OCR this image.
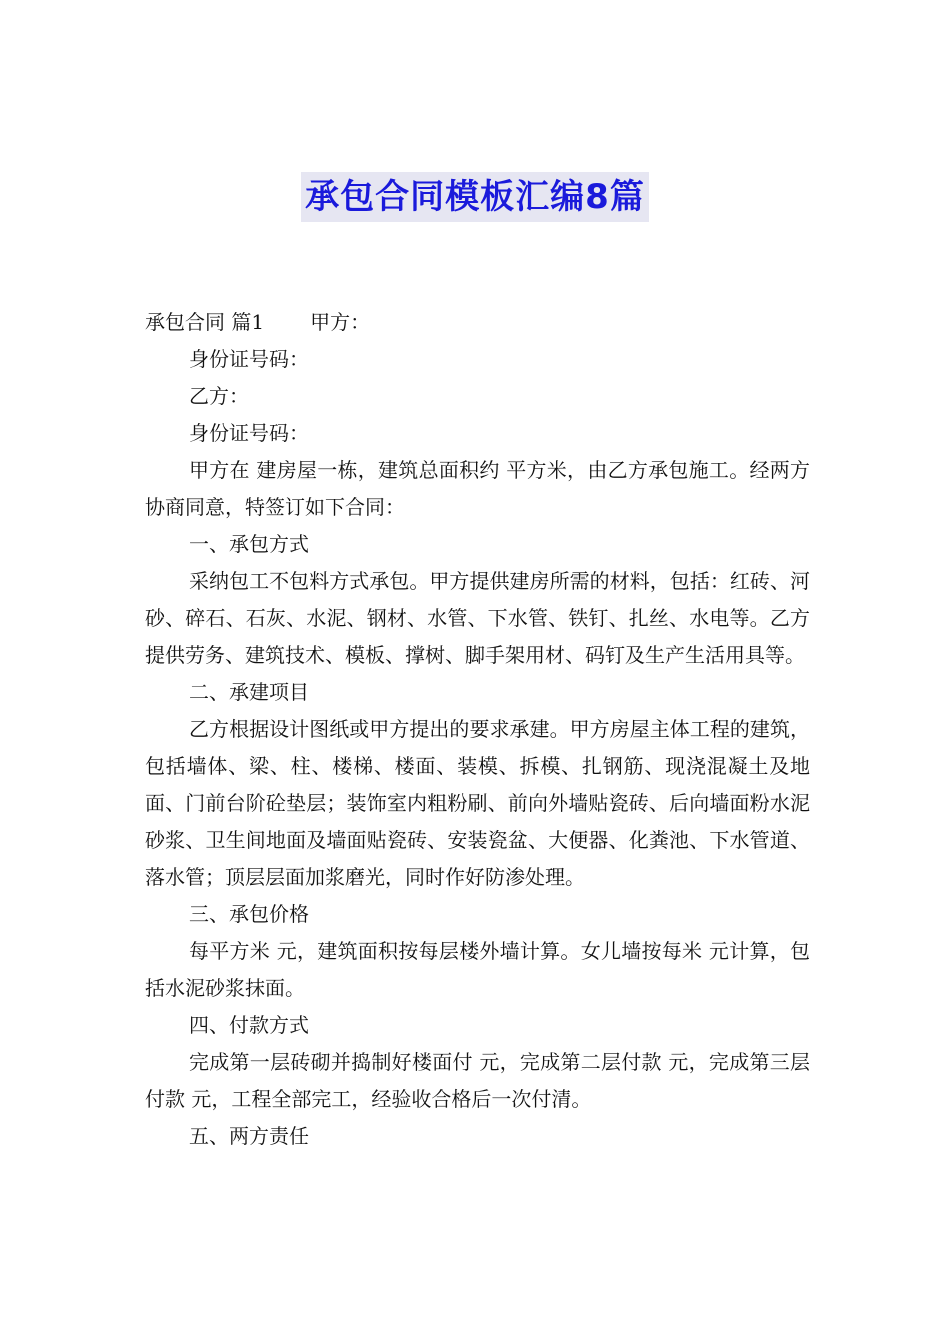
承包合同模板汇编8篇

承包合同 篇1 甲方：

身份证号码：

乙方：

身份证号码：

甲方在 建房屋一栋，建筑总面积约 平方米，由乙方承包施工。经两方协商同意，特签订如下合同：

一、承包方式

采纳包工不包料方式承包。甲方提供建房所需的材料，包括：红砖、河砂、碎石、石灰、水泥、钢材、水管、下水管、铁钉、扎丝、水电等。乙方提供劳务、建筑技术、模板、撑树、脚手架用材、码钉及生产生活用具等。

二、承建项目

乙方根据设计图纸或甲方提出的要求承建。甲方房屋主体工程的建筑，包括墙体、梁、柱、楼梯、楼面、装模、拆模、扎钢筋、现浇混凝土及地面、门前台阶砼垫层；装饰室内粗粉刷、前向外墙贴瓷砖、后向墙面粉水泥砂浆、卫生间地面及墙面贴瓷砖、安装瓷盆、大便器、化粪池、下水管道、落水管；顶层层面加浆磨光，同时作好防渗处理。

三、承包价格

每平方米 元，建筑面积按每层楼外墙计算。女儿墙按每米 元计算，包括水泥砂浆抹面。

四、付款方式

完成第一层砖砌并捣制好楼面付 元，完成第二层付款 元，完成第三层付款 元，工程全部完工，经验收合格后一次付清。

五、两方责任
